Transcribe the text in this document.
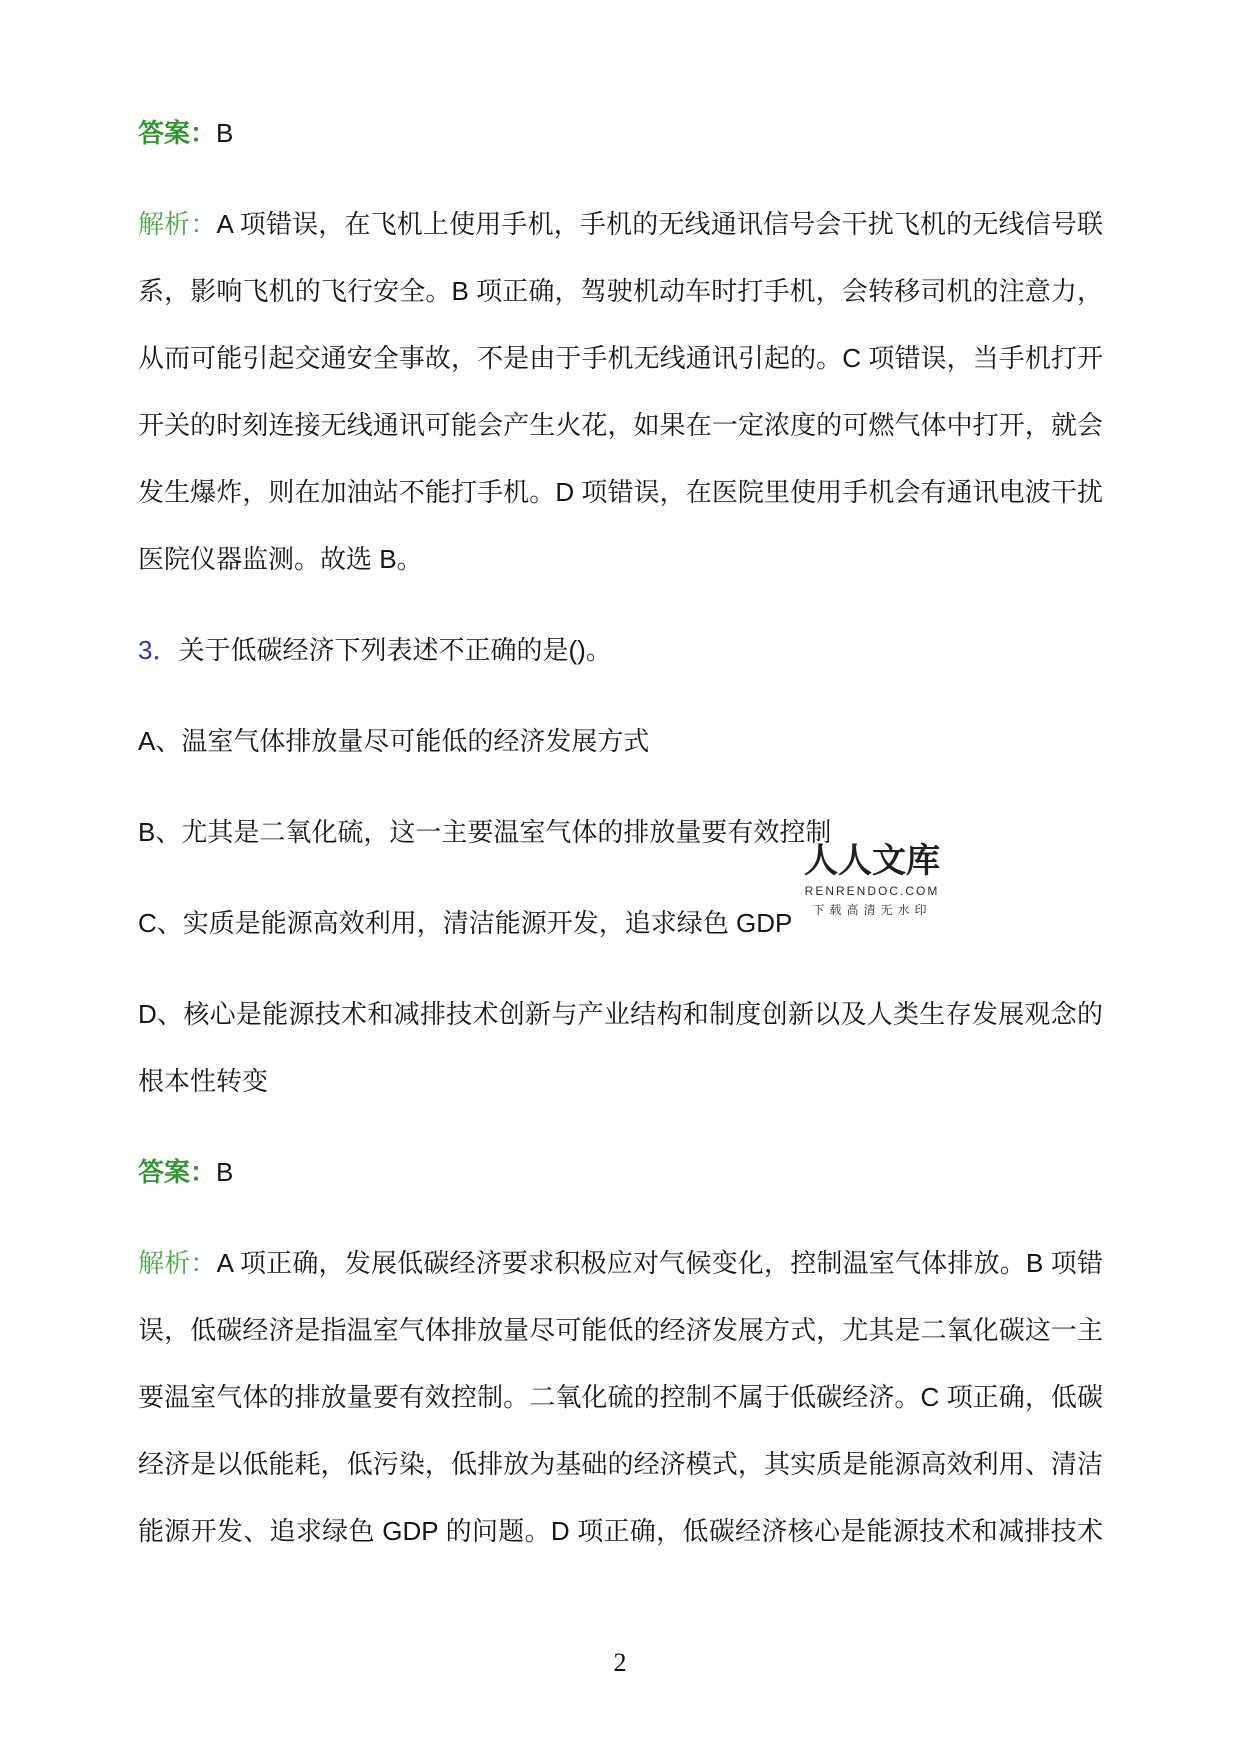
答案：B
解析：A 项错误，在飞机上使用手机，手机的无线通讯信号会干扰飞机的无线信号联
系，影响飞机的飞行安全。B 项正确，驾驶机动车时打手机，会转移司机的注意力，
从而可能引起交通安全事故，不是由于手机无线通讯引起的。C 项错误，当手机打开
开关的时刻连接无线通讯可能会产生火花，如果在一定浓度的可燃气体中打开，就会
发生爆炸，则在加油站不能打手机。D 项错误，在医院里使用手机会有通讯电波干扰
医院仪器监测。故选 B。
3．关于低碳经济下列表述不正确的是()。
A、温室气体排放量尽可能低的经济发展方式
B、尤其是二氧化硫，这一主要温室气体的排放量要有效控制
C、实质是能源高效利用，清洁能源开发，追求绿色 GDP
D、核心是能源技术和减排技术创新与产业结构和制度创新以及人类生存发展观念的
根本性转变
答案：B
解析：A 项正确，发展低碳经济要求积极应对气候变化，控制温室气体排放。B 项错
误，低碳经济是指温室气体排放量尽可能低的经济发展方式，尤其是二氧化碳这一主
要温室气体的排放量要有效控制。二氧化硫的控制不属于低碳经济。C 项正确，低碳
经济是以低能耗，低污染，低排放为基础的经济模式，其实质是能源高效利用、清洁
能源开发、追求绿色 GDP 的问题。D 项正确，低碳经济核心是能源技术和减排技术
人人文库
RENRENDOC.COM
下载高清无水印
2
